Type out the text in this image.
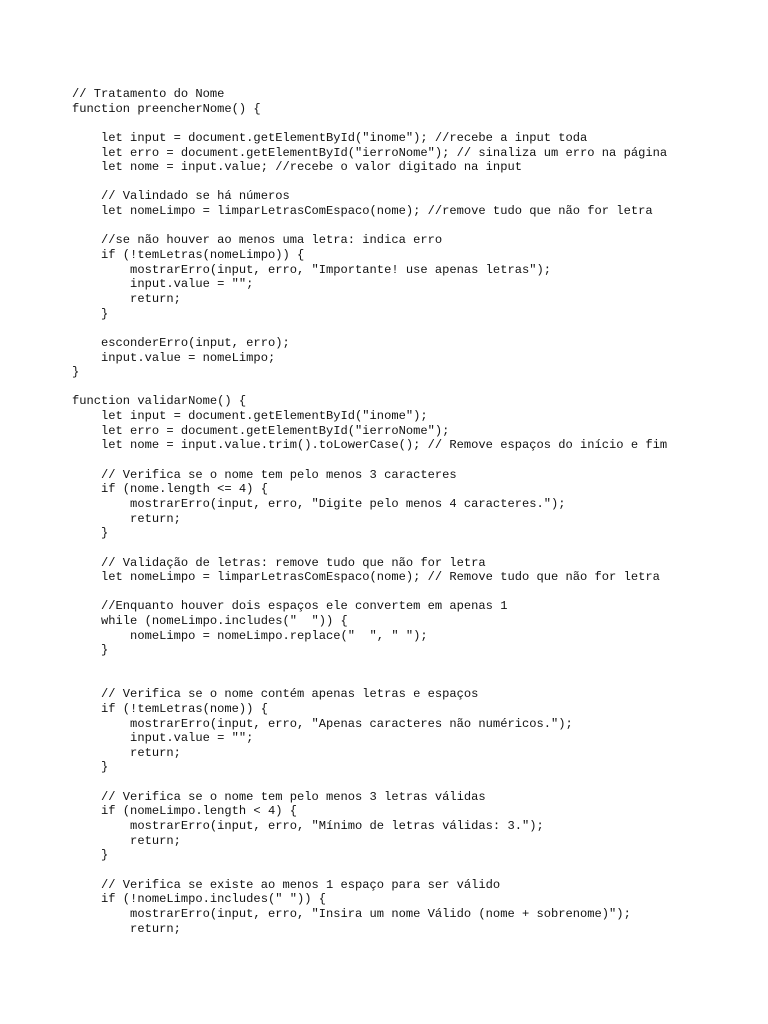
// Tratamento do Nome
function preencherNome() {
let input = document.getElementById("inome"); //recebe a input toda
let erro = document.getElementById("ierroNome"); // sinaliza um erro na página
let nome = input.value; //recebe o valor digitado na input
// Valindado se há números
let nomeLimpo = limparLetrasComEspaco(nome); //remove tudo que não for letra
//se não houver ao menos uma letra: indica erro
if (!temLetras(nomeLimpo)) {
mostrarErro(input, erro, "Importante! use apenas letras");
input.value = "";
return;
}
esconderErro(input, erro);
input.value = nomeLimpo;
}
function validarNome() {
let input = document.getElementById("inome");
let erro = document.getElementById("ierroNome");
let nome = input.value.trim().toLowerCase(); // Remove espaços do início e fim
// Verifica se o nome tem pelo menos 3 caracteres
if (nome.length <= 4) {
mostrarErro(input, erro, "Digite pelo menos 4 caracteres.");
return;
}
// Validação de letras: remove tudo que não for letra
let nomeLimpo = limparLetrasComEspaco(nome); // Remove tudo que não for letra
//Enquanto houver dois espaços ele convertem em apenas 1
while (nomeLimpo.includes("  ")) {
nomeLimpo = nomeLimpo.replace("  ", " ");
}
// Verifica se o nome contém apenas letras e espaços
if (!temLetras(nome)) {
mostrarErro(input, erro, "Apenas caracteres não numéricos.");
input.value = "";
return;
}
// Verifica se o nome tem pelo menos 3 letras válidas
if (nomeLimpo.length < 4) {
mostrarErro(input, erro, "Mínimo de letras válidas: 3.");
return;
}
// Verifica se existe ao menos 1 espaço para ser válido
if (!nomeLimpo.includes(" ")) {
mostrarErro(input, erro, "Insira um nome Válido (nome + sobrenome)");
return;
